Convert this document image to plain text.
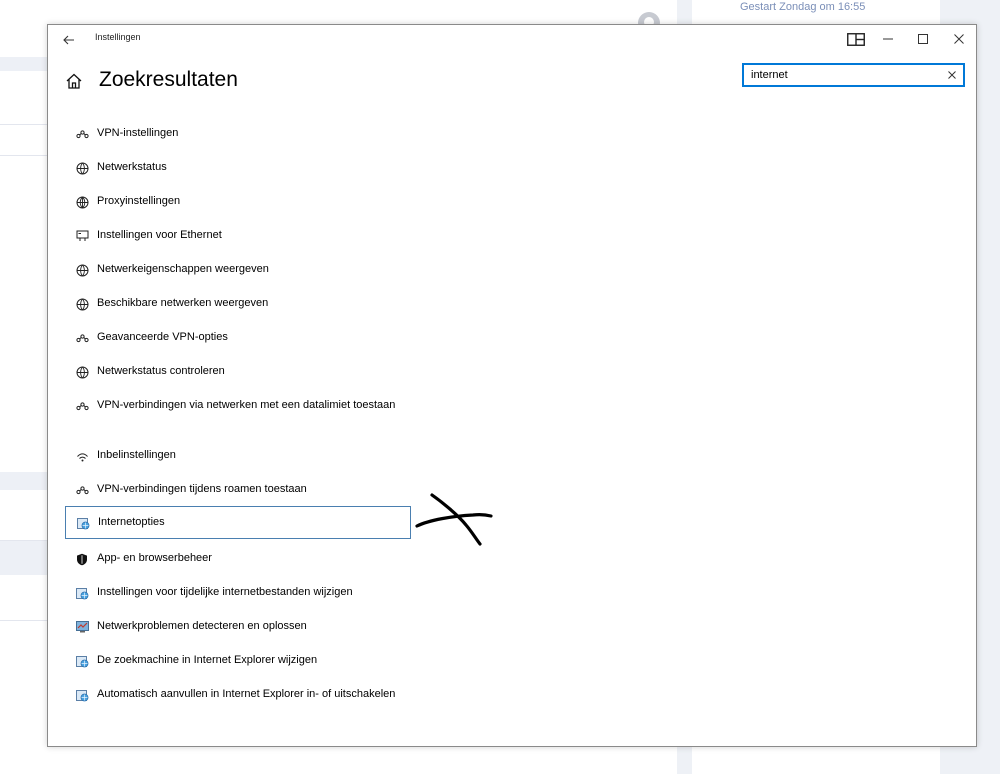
Gestart Zondag om 16:55
Instellingen
Zoekresultaten
internet
VPN-instellingen
Netwerkstatus
Proxyinstellingen
Instellingen voor Ethernet
Netwerkeigenschappen weergeven
Beschikbare netwerken weergeven
Geavanceerde VPN-opties
Netwerkstatus controleren
VPN-verbindingen via netwerken met een datalimiet toestaan
Inbelinstellingen
VPN-verbindingen tijdens roamen toestaan
Internetopties
App- en browserbeheer
Instellingen voor tijdelijke internetbestanden wijzigen
Netwerkproblemen detecteren en oplossen
De zoekmachine in Internet Explorer wijzigen
Automatisch aanvullen in Internet Explorer in- of uitschakelen
